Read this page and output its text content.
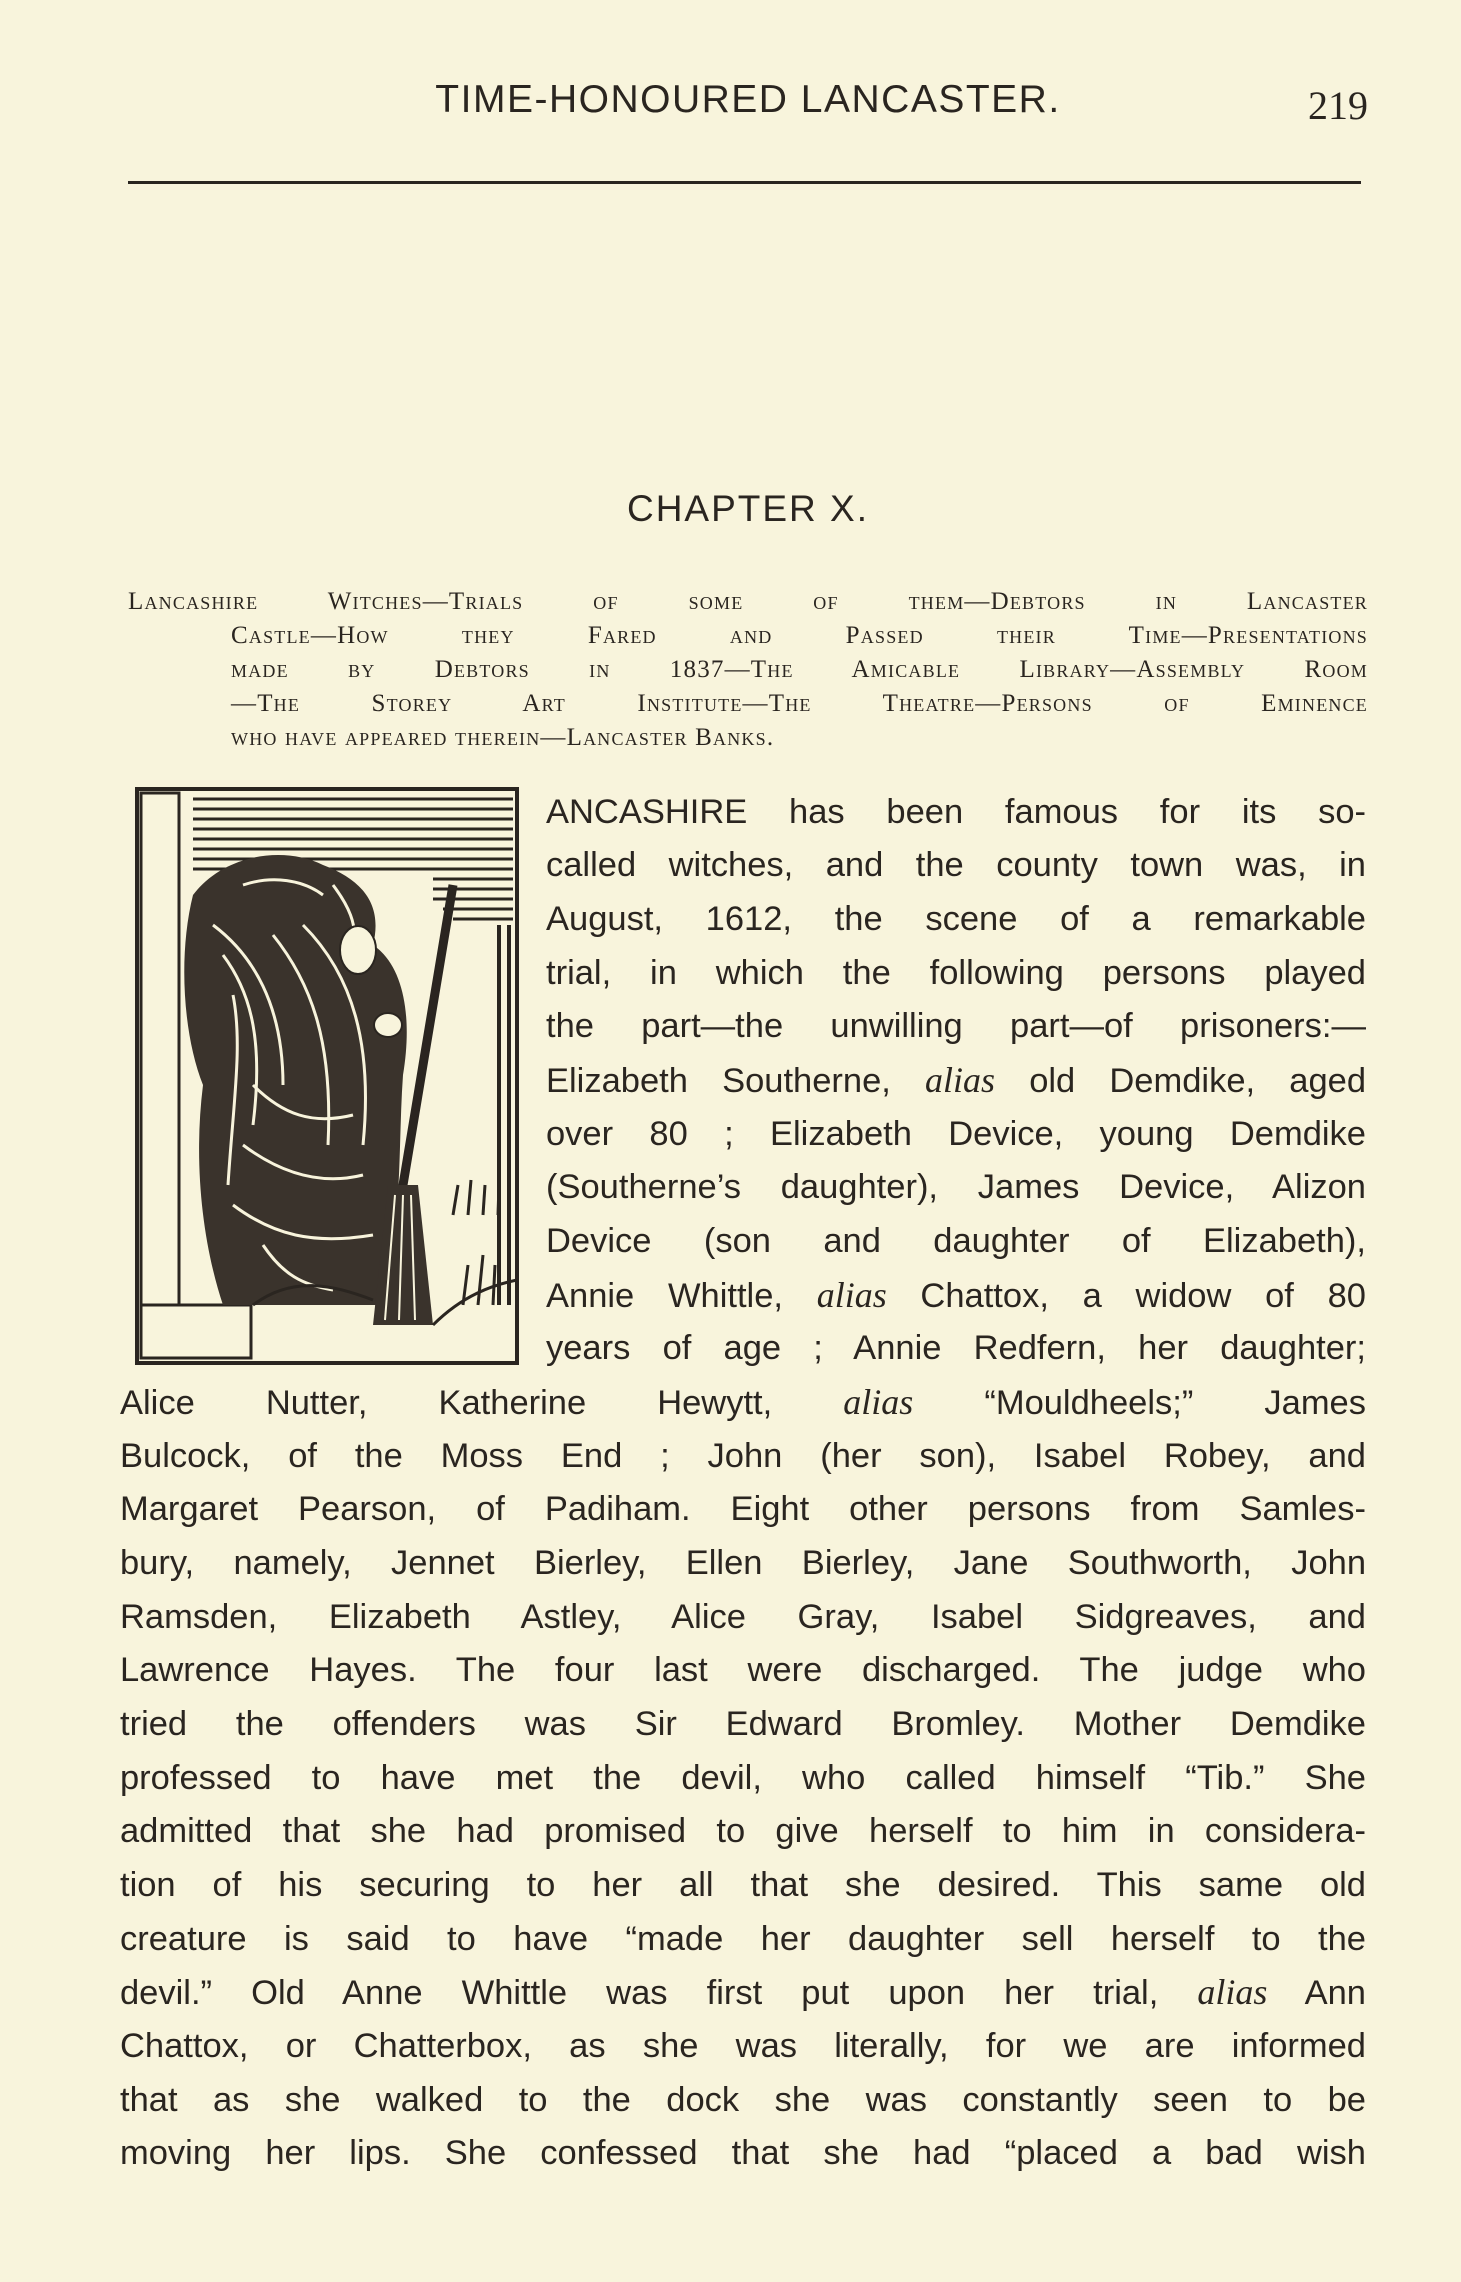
TIME-HONOURED LANCASTER.	219
CHAPTER X.
Lancashire Witches—Trials of some of them—Debtors in Lancaster
Castle—How they Fared and Passed their Time—Presentations
made by Debtors in 1837—The Amicable Library—Assembly Room
—The Storey Art Institute—The Theatre—Persons of Eminence
who have appeared therein—Lancaster Banks.
ANCASHIRE has been famous for its so-
called witches, and the county town was, in
August, 1612, the scene of a remarkable
trial, in which the following persons played
the part—the unwilling part—of prisoners:—
Elizabeth Southerne, alias old Demdike, aged
over 80 ; Elizabeth Device, young Demdike
(Southerne’s daughter), James Device, Alizon
Device (son and daughter of Elizabeth),
Annie Whittle, alias Chattox, a widow of 80
years of age ; Annie Redfern, her daughter;
Alice Nutter, Katherine Hewytt, alias “Mouldheels;” James
Bulcock, of the Moss End ; John (her son), Isabel Robey, and
Margaret Pearson, of Padiham. Eight other persons from Samles-
bury, namely, Jennet Bierley, Ellen Bierley, Jane Southworth, John
Ramsden, Elizabeth Astley, Alice Gray, Isabel Sidgreaves, and
Lawrence Hayes. The four last were discharged. The judge who
tried the offenders was Sir Edward Bromley. Mother Demdike
professed to have met the devil, who called himself “Tib.” She
admitted that she had promised to give herself to him in considera-
tion of his securing to her all that she desired. This same old
creature is said to have “made her daughter sell herself to the
devil.” Old Anne Whittle was first put upon her trial, alias Ann
Chattox, or Chatterbox, as she was literally, for we are informed
that as she walked to the dock she was constantly seen to be
moving her lips. She confessed that she had “placed a bad wish
